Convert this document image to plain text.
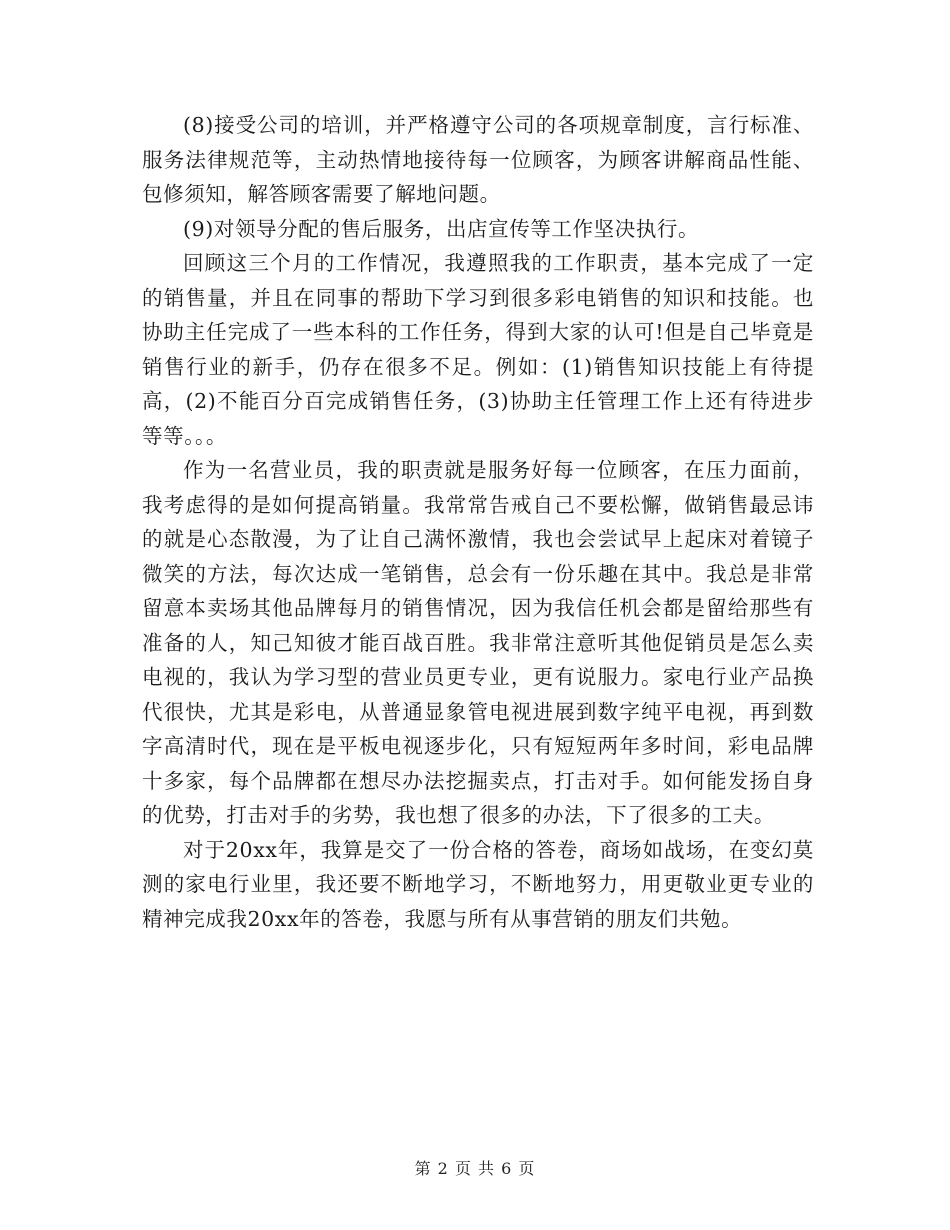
(8)接受公司的培训，并严格遵守公司的各项规章制度，言行标准、服务法律规范等，主动热情地接待每一位顾客，为顾客讲解商品性能、包修须知，解答顾客需要了解地问题。

(9)对领导分配的售后服务，出店宣传等工作坚决执行。

回顾这三个月的工作情况，我遵照我的工作职责，基本完成了一定的销售量，并且在同事的帮助下学习到很多彩电销售的知识和技能。也协助主任完成了一些本科的工作任务，得到大家的认可!但是自己毕竟是销售行业的新手，仍存在很多不足。例如：(1)销售知识技能上有待提高，(2)不能百分百完成销售任务，(3)协助主任管理工作上还有待进步等等。。。

作为一名营业员，我的职责就是服务好每一位顾客，在压力面前，我考虑得的是如何提高销量。我常常告戒自己不要松懈，做销售最忌讳的就是心态散漫，为了让自己满怀激情，我也会尝试早上起床对着镜子微笑的方法，每次达成一笔销售，总会有一份乐趣在其中。我总是非常留意本卖场其他品牌每月的销售情况，因为我信任机会都是留给那些有准备的人，知己知彼才能百战百胜。我非常注意听其他促销员是怎么卖电视的，我认为学习型的营业员更专业，更有说服力。家电行业产品换代很快，尤其是彩电，从普通显象管电视进展到数字纯平电视，再到数字高清时代，现在是平板电视逐步化，只有短短两年多时间，彩电品牌十多家，每个品牌都在想尽办法挖掘卖点，打击对手。如何能发扬自身的优势，打击对手的劣势，我也想了很多的办法，下了很多的工夫。

对于20xx年，我算是交了一份合格的答卷，商场如战场，在变幻莫测的家电行业里，我还要不断地学习，不断地努力，用更敬业更专业的精神完成我20xx年的答卷，我愿与所有从事营销的朋友们共勉。

第 2 页 共 6 页
